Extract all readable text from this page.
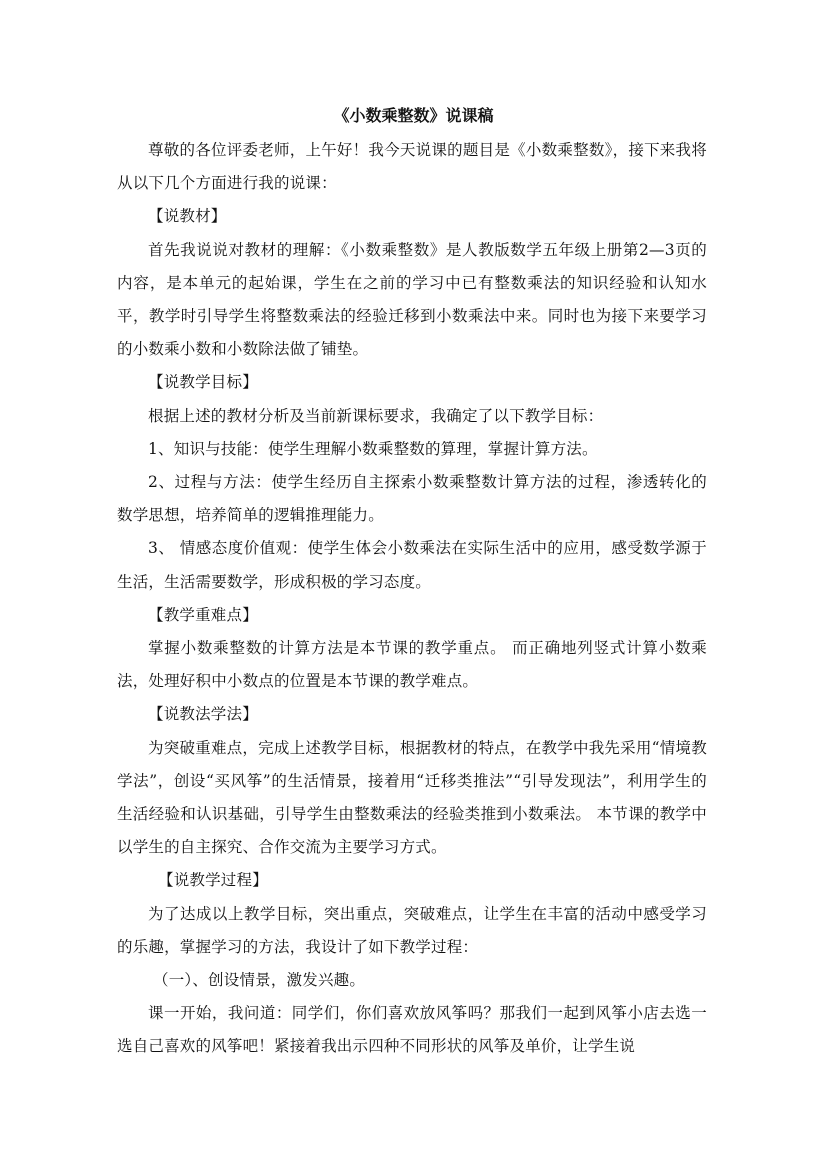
《小数乘整数》说课稿

尊敬的各位评委老师，上午好！我今天说课的题目是《小数乘整数》，接下来我将从以下几个方面进行我的说课：

【说教材】

首先我说说对教材的理解：《小数乘整数》是人教版数学五年级上册第2—3页的内容，是本单元的起始课，学生在之前的学习中已有整数乘法的知识经验和认知水平，教学时引导学生将整数乘法的经验迁移到小数乘法中来。同时也为接下来要学习的小数乘小数和小数除法做了铺垫。

【说教学目标】

根据上述的教材分析及当前新课标要求，我确定了以下教学目标：

1、知识与技能：使学生理解小数乘整数的算理，掌握计算方法。

2、过程与方法：使学生经历自主探索小数乘整数计算方法的过程，渗透转化的数学思想，培养简单的逻辑推理能力。

3、 情感态度价值观：使学生体会小数乘法在实际生活中的应用，感受数学源于生活，生活需要数学，形成积极的学习态度。

【教学重难点】

掌握小数乘整数的计算方法是本节课的教学重点。 而正确地列竖式计算小数乘法，处理好积中小数点的位置是本节课的教学难点。

【说教法学法】

为突破重难点，完成上述教学目标，根据教材的特点，在教学中我先采用“情境教学法”，创设“买风筝”的生活情景，接着用“迁移类推法”“引导发现法”，利用学生的生活经验和认识基础，引导学生由整数乘法的经验类推到小数乘法。 本节课的教学中以学生的自主探究、合作交流为主要学习方式。

【说教学过程】

为了达成以上教学目标，突出重点，突破难点，让学生在丰富的活动中感受学习的乐趣，掌握学习的方法，我设计了如下教学过程：

（一）、创设情景，激发兴趣。

课一开始，我问道：同学们，你们喜欢放风筝吗？那我们一起到风筝小店去选一选自己喜欢的风筝吧！紧接着我出示四种不同形状的风筝及单价，让学生说
